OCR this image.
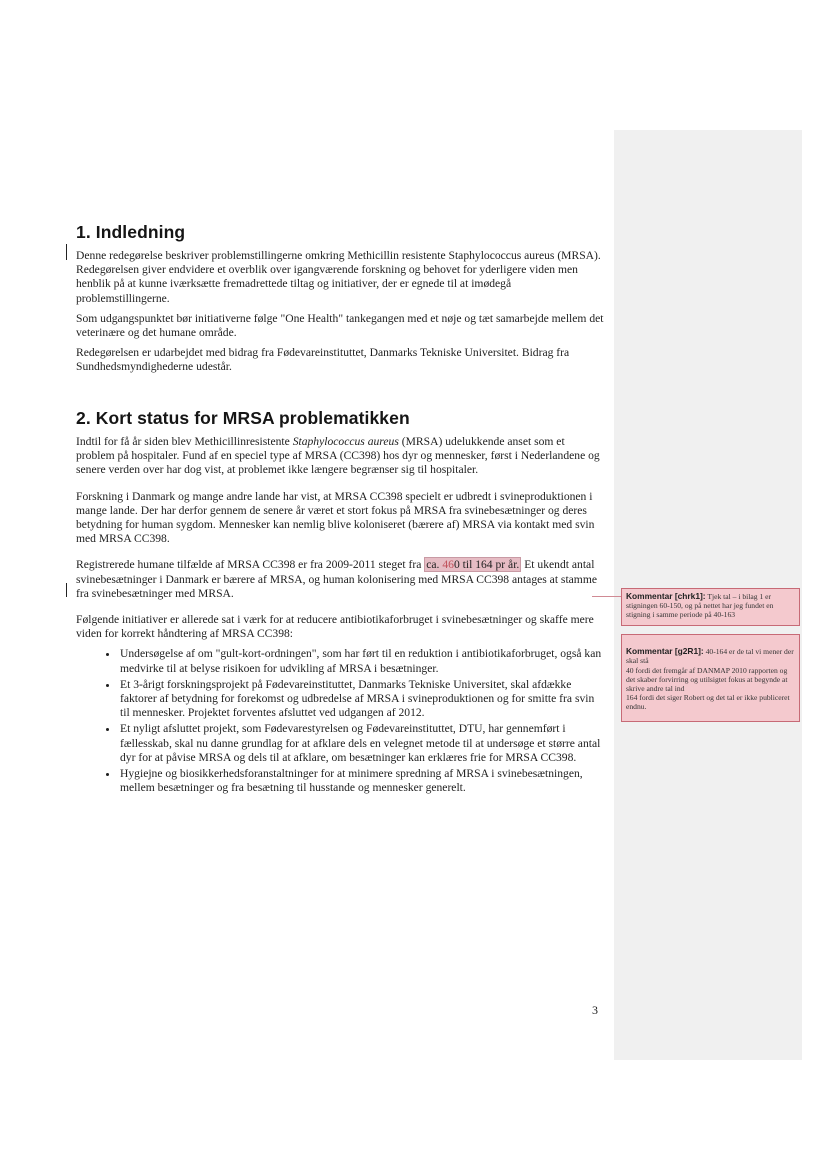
1. Indledning

Denne redegørelse beskriver problemstillingerne omkring Methicillin resistente Staphylococcus aureus (MRSA). Redegørelsen giver endvidere et overblik over igangværende forskning og behovet for yderligere viden men henblik på at kunne iværksætte fremadrettede tiltag og initiativer, der er egnede til at imødegå problemstillingerne.

Som udgangspunktet bør initiativerne følge "One Health" tankegangen med et nøje og tæt samarbejde mellem det veterinære og det humane område.

Redegørelsen er udarbejdet med bidrag fra Fødevareinstituttet, Danmarks Tekniske Universitet. Bidrag fra Sundhedsmyndighederne udestår.

2. Kort status for MRSA problematikken

Indtil for få år siden blev Methicillinresistente Staphylococcus aureus (MRSA) udelukkende anset som et problem på hospitaler. Fund af en speciel type af MRSA (CC398) hos dyr og mennesker, først i Nederlandene og senere verden over har dog vist, at problemet ikke længere begrænser sig til hospitaler.

Forskning i Danmark og mange andre lande har vist, at MRSA CC398 specielt er udbredt i svineproduktionen i mange lande. Der har derfor gennem de senere år været et stort fokus på MRSA fra svinebesætninger og deres betydning for human sygdom. Mennesker kan nemlig blive koloniseret (bærere af) MRSA via kontakt med svin med MRSA CC398.

Registrerede humane tilfælde af MRSA CC398 er fra 2009-2011 steget fra ca. 460 til 164 pr år. Et ukendt antal svinebesætninger i Danmark er bærere af MRSA, og human kolonisering med MRSA CC398 antages at stamme fra svinebesætninger med MRSA.

Følgende initiativer er allerede sat i værk for at reducere antibiotikaforbruget i svinebesætninger og skaffe mere viden for korrekt håndtering af MRSA CC398:

• Undersøgelse af om "gult-kort-ordningen", som har ført til en reduktion i antibiotikaforbruget, også kan medvirke til at belyse risikoen for udvikling af MRSA i besætninger.
• Et 3-årigt forskningsprojekt på Fødevareinstituttet, Danmarks Tekniske Universitet, skal afdække faktorer af betydning for forekomst og udbredelse af MRSA i svineproduktionen og for smitte fra svin til mennesker. Projektet forventes afsluttet ved udgangen af 2012.
• Et nyligt afsluttet projekt, som Fødevarestyrelsen og Fødevareinstituttet, DTU, har gennemført i fællesskab, skal nu danne grundlag for at afklare dels en velegnet metode til at undersøge et større antal dyr for at påvise MRSA og dels til at afklare, om besætninger kan erklæres frie for MRSA CC398.
• Hygiejne og biosikkerhedsforanstaltninger for at minimere spredning af MRSA i svinebesætningen, mellem besætninger og fra besætning til husstande og mennesker generelt.
Kommentar [chrk1]: Tjek tal – i bilag 1 er stigningen 60-150, og på nettet har jeg fundet en stigning i samme periode på 40-163

Kommentar [g2R1]: 40-164 er de tal vi mener der skal stå
40 fordi det fremgår af DANMAP 2010 rapporten og det skaber forvirring og utilsigtet fokus at begynde at skrive andre tal ind
164 fordi det siger Robert og det tal er ikke publiceret endnu.

3
